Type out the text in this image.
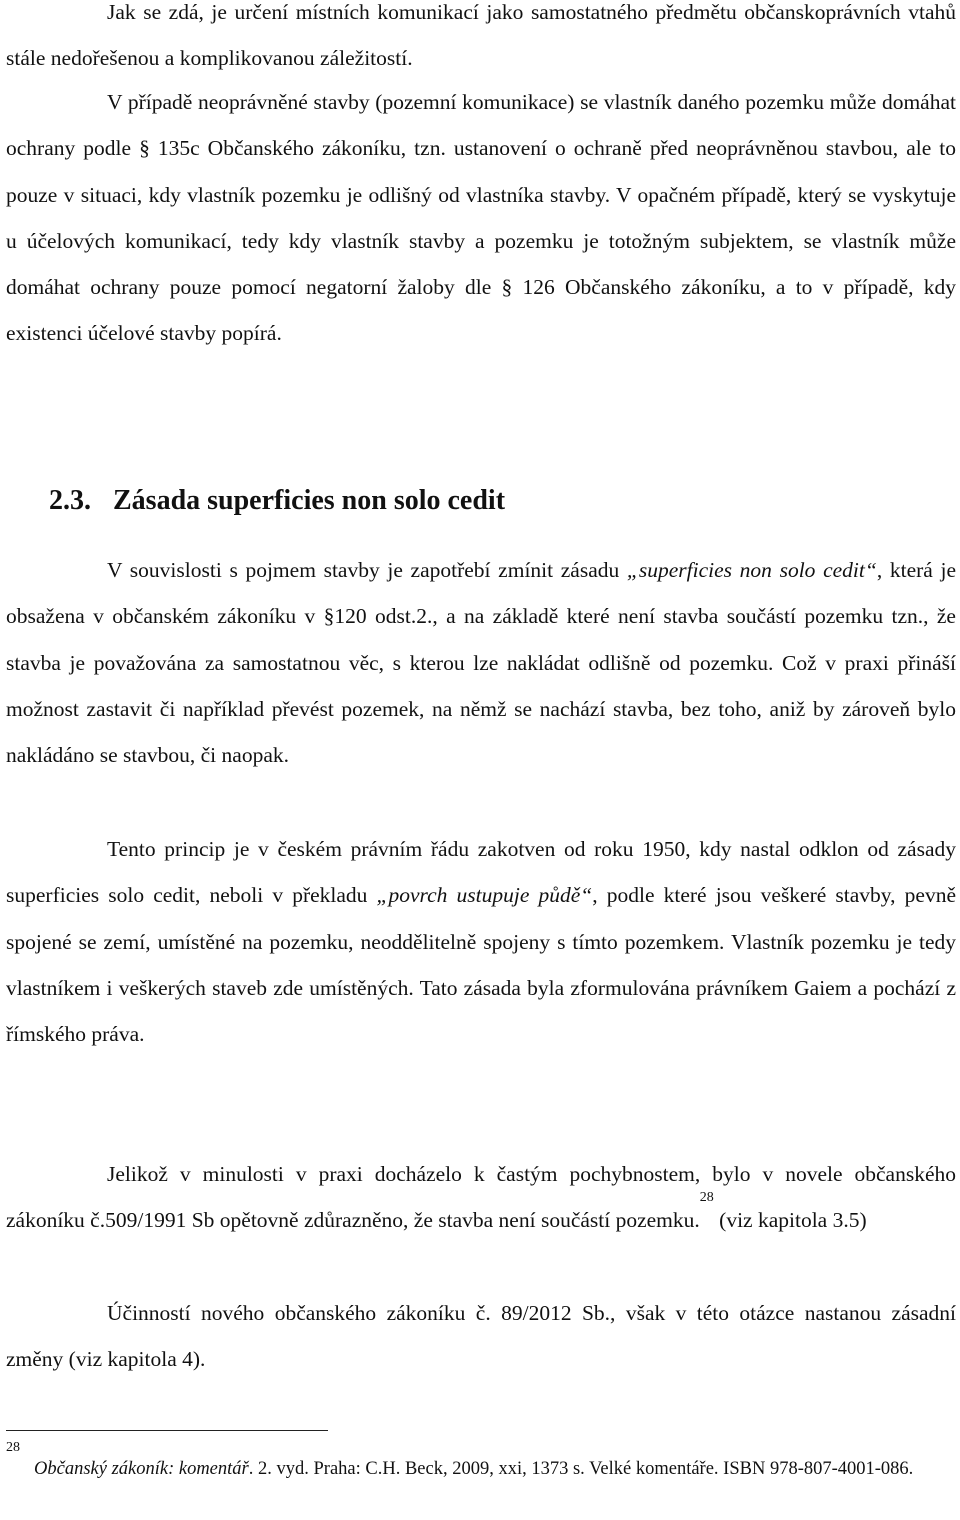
Jak se zdá, je určení místních komunikací jako samostatného předmětu občanskoprávních vtahů stále nedořešenou a komplikovanou záležitostí.

V případě neoprávněné stavby (pozemní komunikace) se vlastník daného pozemku může domáhat ochrany podle § 135c Občanského zákoníku, tzn. ustanovení o ochraně před neoprávněnou stavbou, ale to pouze v situaci, kdy vlastník pozemku je odlišný od vlastníka stavby. V opačném případě, který se vyskytuje u účelových komunikací, tedy kdy vlastník stavby a pozemku je totožným subjektem, se vlastník může domáhat ochrany pouze pomocí negatorní žaloby dle § 126 Občanského zákoníku, a to v případě, kdy existenci účelové stavby popírá.

2.3. Zásada superficies non solo cedit

V souvislosti s pojmem stavby je zapotřebí zmínit zásadu „superficies non solo cedit“, která je obsažena v občanském zákoníku v §120 odst.2., a na základě které není stavba součástí pozemku tzn., že stavba je považována za samostatnou věc, s kterou lze nakládat odlišně od pozemku. Což v praxi přináší možnost zastavit či například převést pozemek, na němž se nachází stavba, bez toho, aniž by zároveň bylo nakládáno se stavbou, či naopak.

Tento princip je v českém právním řádu zakotven od roku 1950, kdy nastal odklon od zásady superficies solo cedit, neboli v překladu „povrch ustupuje půdě“, podle které jsou veškeré stavby, pevně spojené se zemí, umístěné na pozemku, neoddělitelně spojeny s tímto pozemkem. Vlastník pozemku je tedy vlastníkem i veškerých staveb zde umístěných. Tato zásada byla zformulována právníkem Gaiem a pochází z římského práva.

Jelikož v minulosti v praxi docházelo k častým pochybnostem, bylo v novele občanského zákoníku č.509/1991 Sb opětovně zdůrazněno, že stavba není součástí pozemku.$^{28}$ (viz kapitola 3.5)

Účinností nového občanského zákoníku č. 89/2012 Sb., však v této otázce nastanou zásadní změny (viz kapitola 4).

28
Občanský zákoník: komentář. 2. vyd. Praha: C.H. Beck, 2009, xxi, 1373 s. Velké komentáře. ISBN 978-807-4001-086.
